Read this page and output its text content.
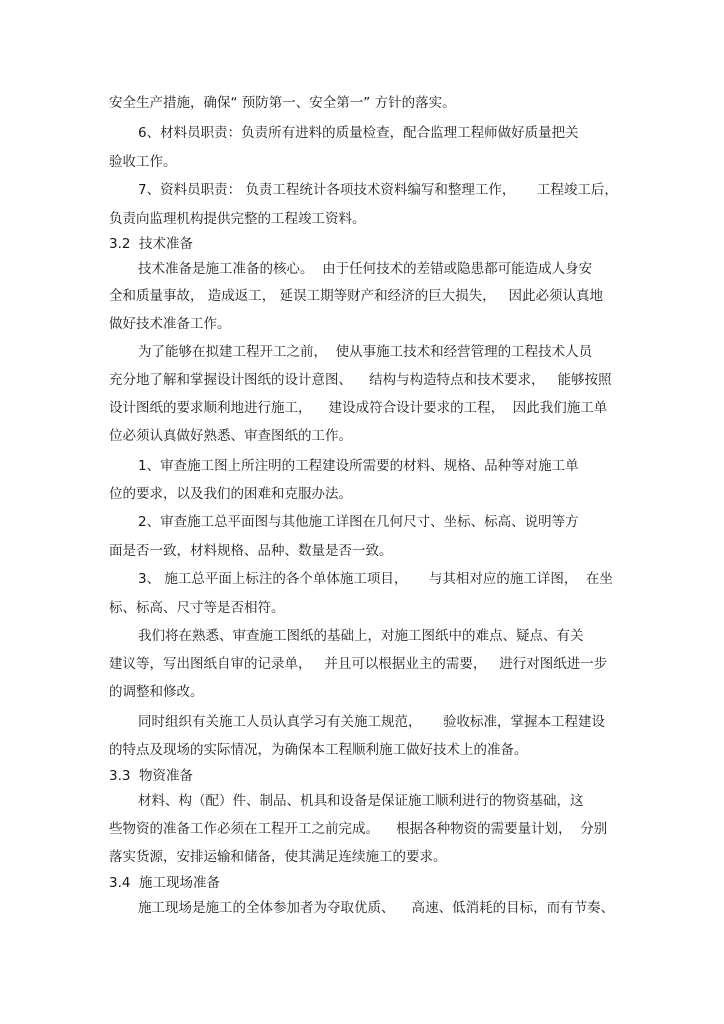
安全生产措施，确保“ 预防第一、安全第一” 方针的落实。

6、材料员职责：负责所有进料的质量检查，配合监理工程师做好质量把关

验收工作。

7、资料员职责： 负责工程统计各项技术资料编写和整理工作，     工程竣工后，

负责向监理机构提供完整的工程竣工资料。

3.2  技术准备

技术准备是施工准备的核心。  由于任何技术的差错或隐患都可能造成人身安

全和质量事故， 造成返工， 延误工期等财产和经济的巨大损失，   因此必须认真地

做好技术准备工作。

为了能够在拟建工程开工之前，  使从事施工技术和经营管理的工程技术人员

充分地了解和掌握设计图纸的设计意图、    结构与构造特点和技术要求，   能够按照

设计图纸的要求顺利地进行施工，    建设成符合设计要求的工程，  因此我们施工单

位必须认真做好熟悉、审查图纸的工作。

1、审查施工图上所注明的工程建设所需要的材料、规格、品种等对施工单

位的要求，以及我们的困难和克服办法。

2、审查施工总平面图与其他施工详图在几何尺寸、坐标、标高、说明等方

面是否一致，材料规格、品种、数量是否一致。

3、 施工总平面上标注的各个单体施工项目，     与其相对应的施工详图，  在坐

标、标高、尺寸等是否相符。

我们将在熟悉、审查施工图纸的基础上，对施工图纸中的难点、疑点、有关

建议等，写出图纸自审的记录单，   并且可以根据业主的需要，   进行对图纸进一步

的调整和修改。

同时组织有关施工人员认真学习有关施工规范，     验收标准，掌握本工程建设

的特点及现场的实际情况，为确保本工程顺利施工做好技术上的准备。

3.3  物资准备

材料、构（配）件、制品、机具和设备是保证施工顺利进行的物资基础，这

些物资的准备工作必须在工程开工之前完成。    根据各种物资的需要量计划，  分别

落实货源，安排运输和储备，使其满足连续施工的要求。

3.4  施工现场准备

施工现场是施工的全体参加者为夺取优质、    高速、低消耗的目标，而有节奏、
